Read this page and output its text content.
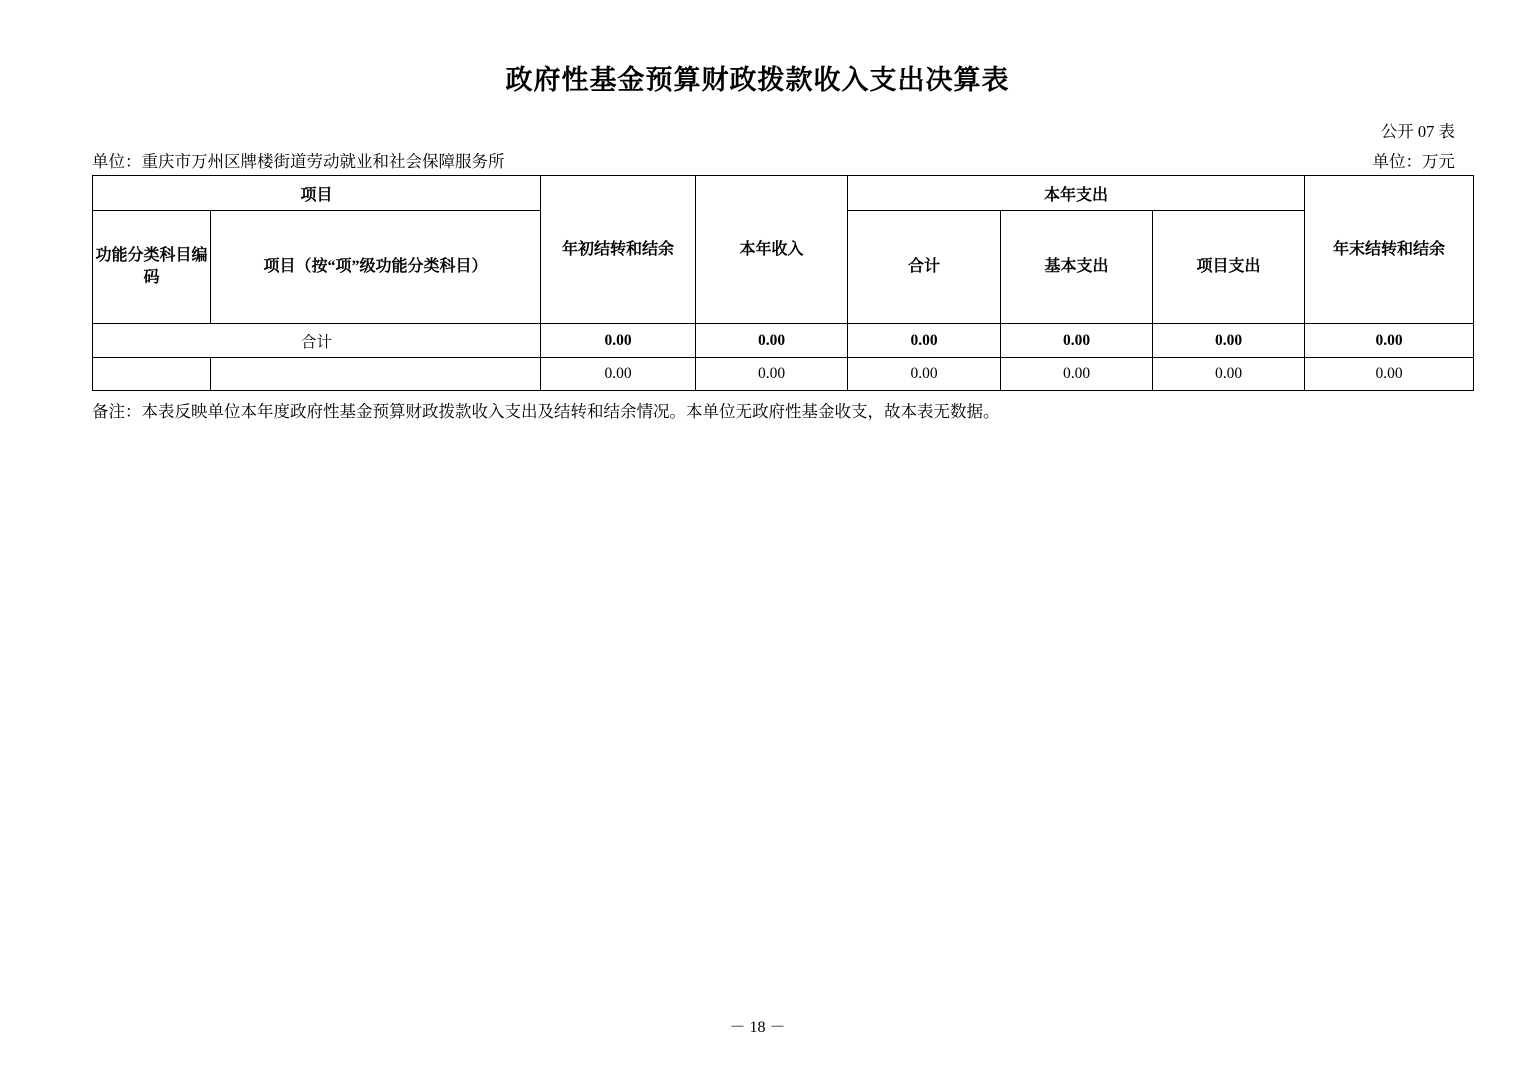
政府性基金预算财政拨款收入支出决算表
公开 07 表
单位：重庆市万州区牌楼街道劳动就业和社会保障服务所	单位：万元
项目		年初结转和结余	本年收入	本年支出			年末结转和结余
功能分类科目编码	项目（按“项”级功能分类科目）			合计	基本支出	项目支出	
合计		0.00	0.00	0.00	0.00	0.00	0.00
		0.00	0.00	0.00	0.00	0.00	0.00
备注：本表反映单位本年度政府性基金预算财政拨款收入支出及结转和结余情况。本单位无政府性基金收支，故本表无数据。
－ 18 －
